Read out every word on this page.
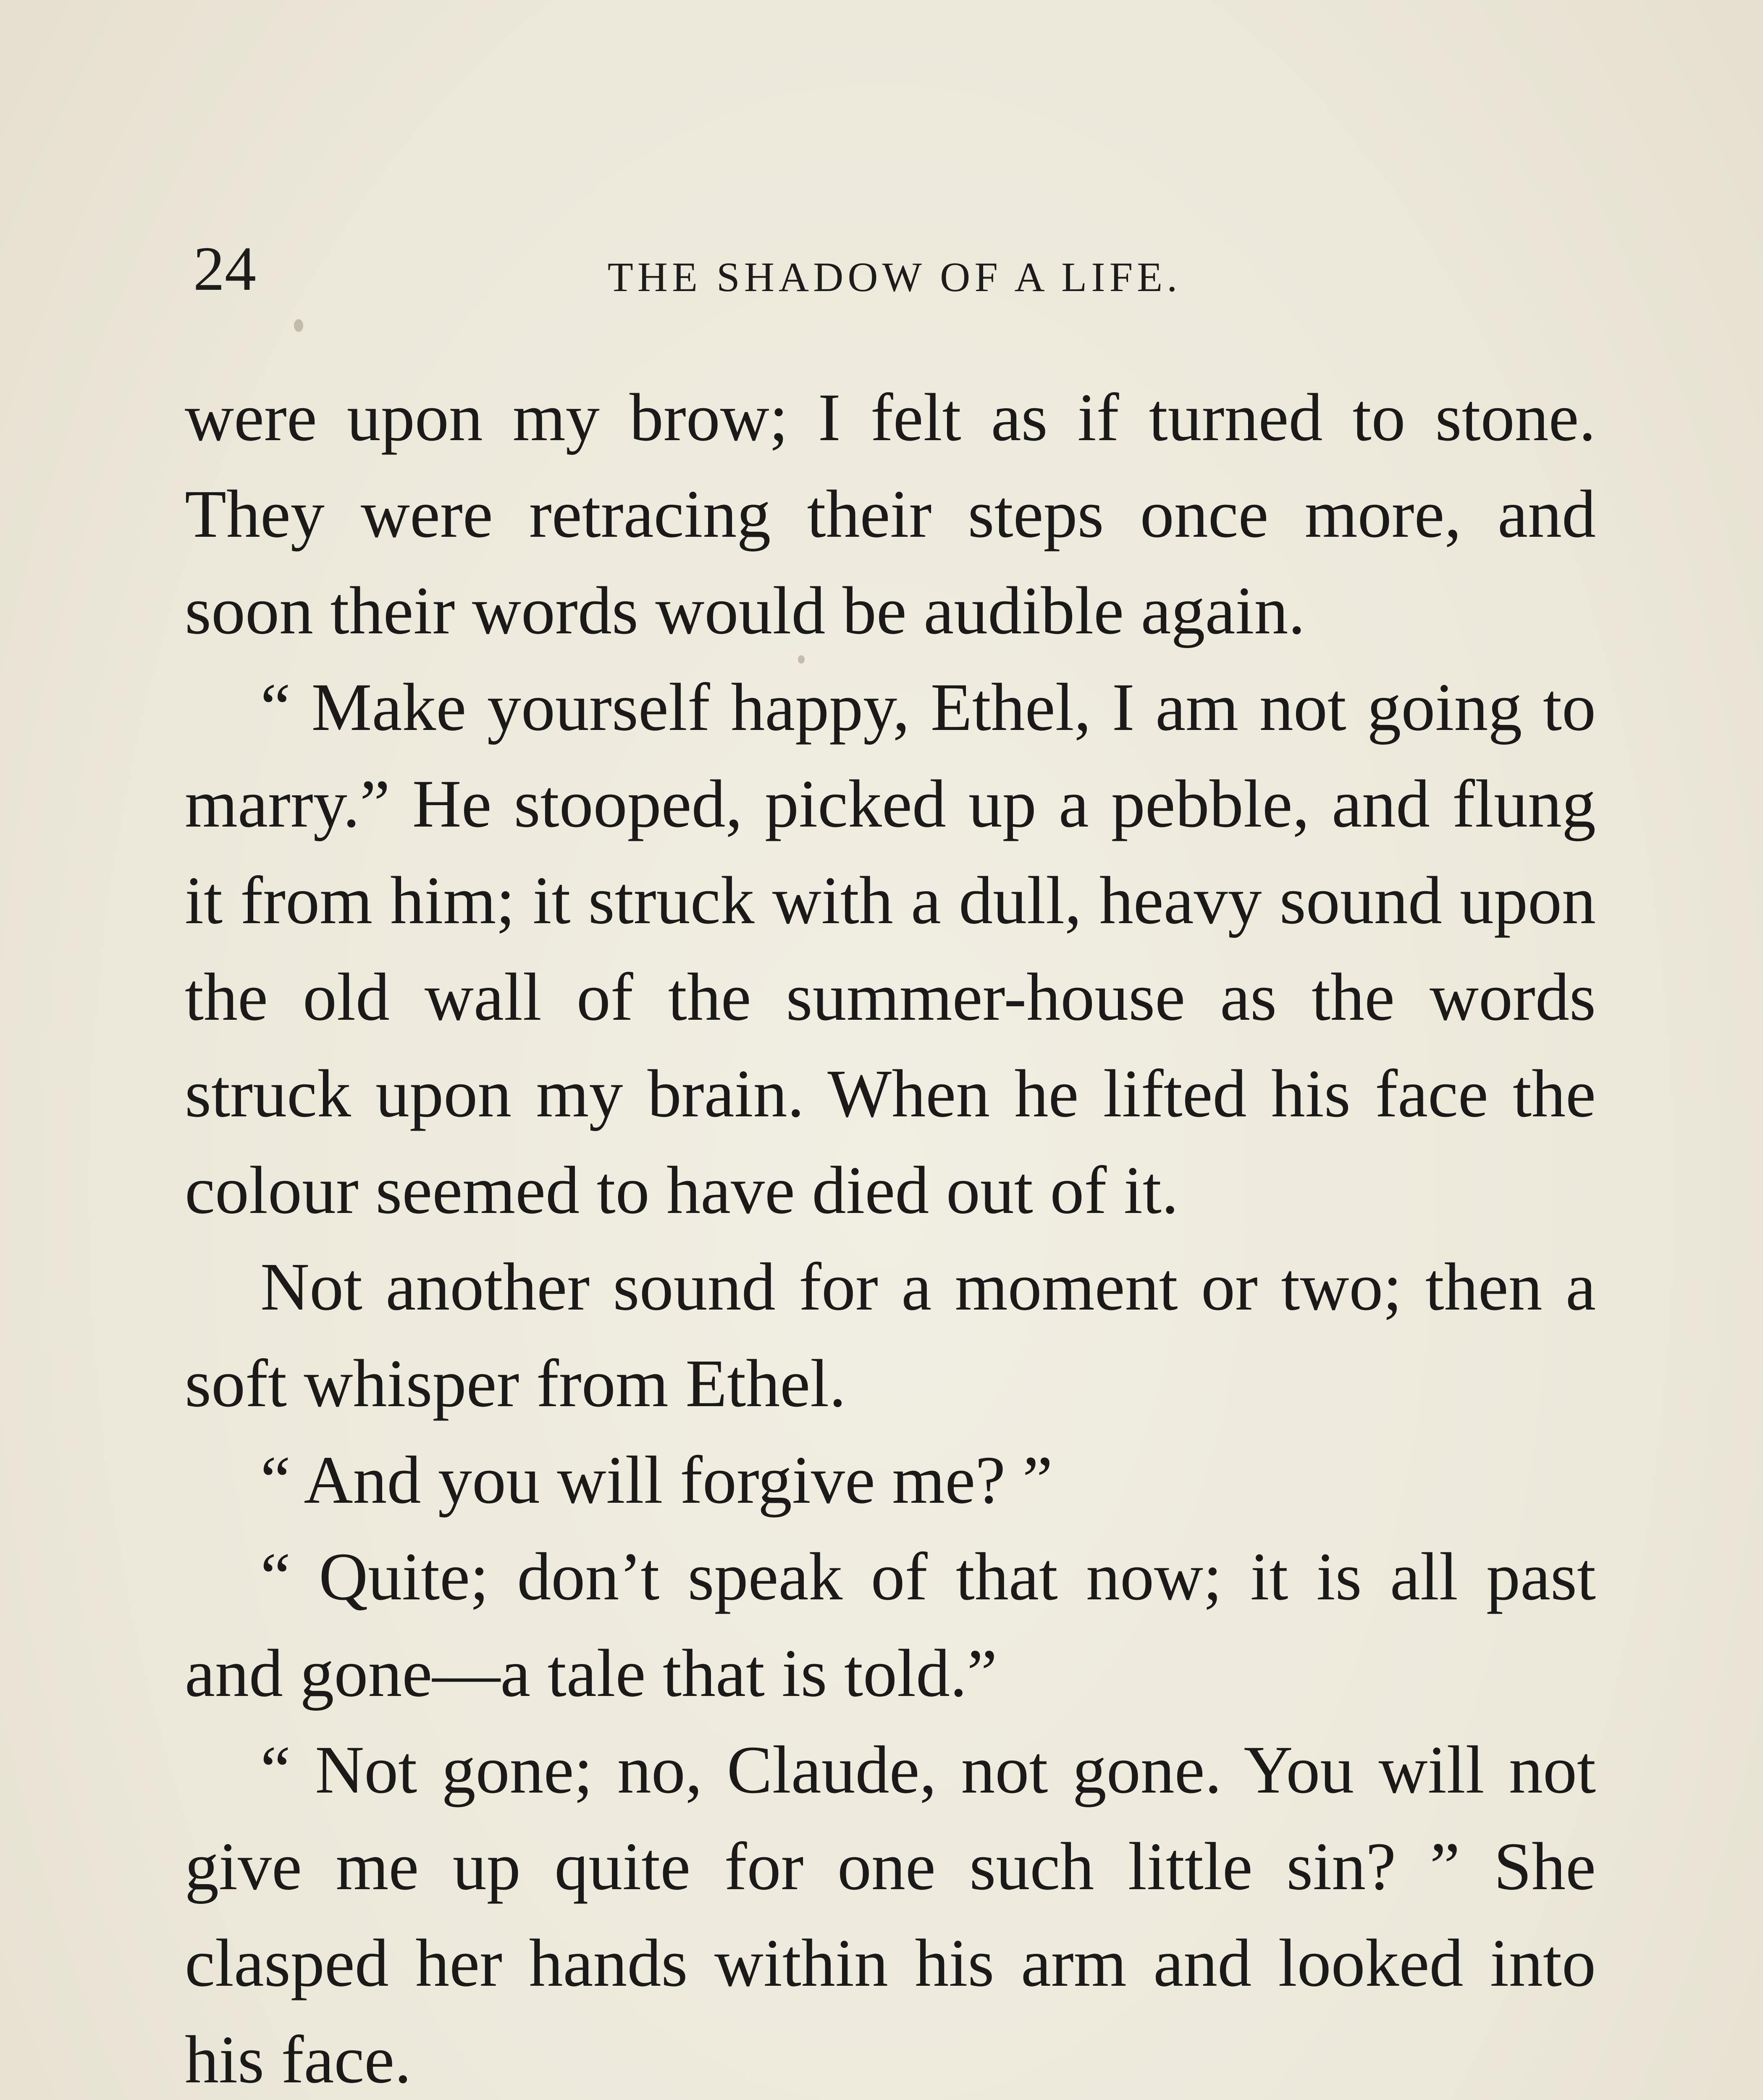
24	THE SHADOW OF A LIFE.

were upon my brow; I felt as if turned to stone. They were retracing their steps once more, and soon their words would be audible again.

“ Make yourself happy, Ethel, I am not going to marry.” He stooped, picked up a pebble, and flung it from him; it struck with a dull, heavy sound upon the old wall of the summer-house as the words struck upon my brain. When he lifted his face the colour seemed to have died out of it.

Not another sound for a moment or two; then a soft whisper from Ethel.

“ And you will forgive me? ”

“ Quite; don’t speak of that now; it is all past and gone—a tale that is told.”

“ Not gone; no, Claude, not gone. You will not give me up quite for one such little sin? ” She clasped her hands within his arm and looked into his face.
